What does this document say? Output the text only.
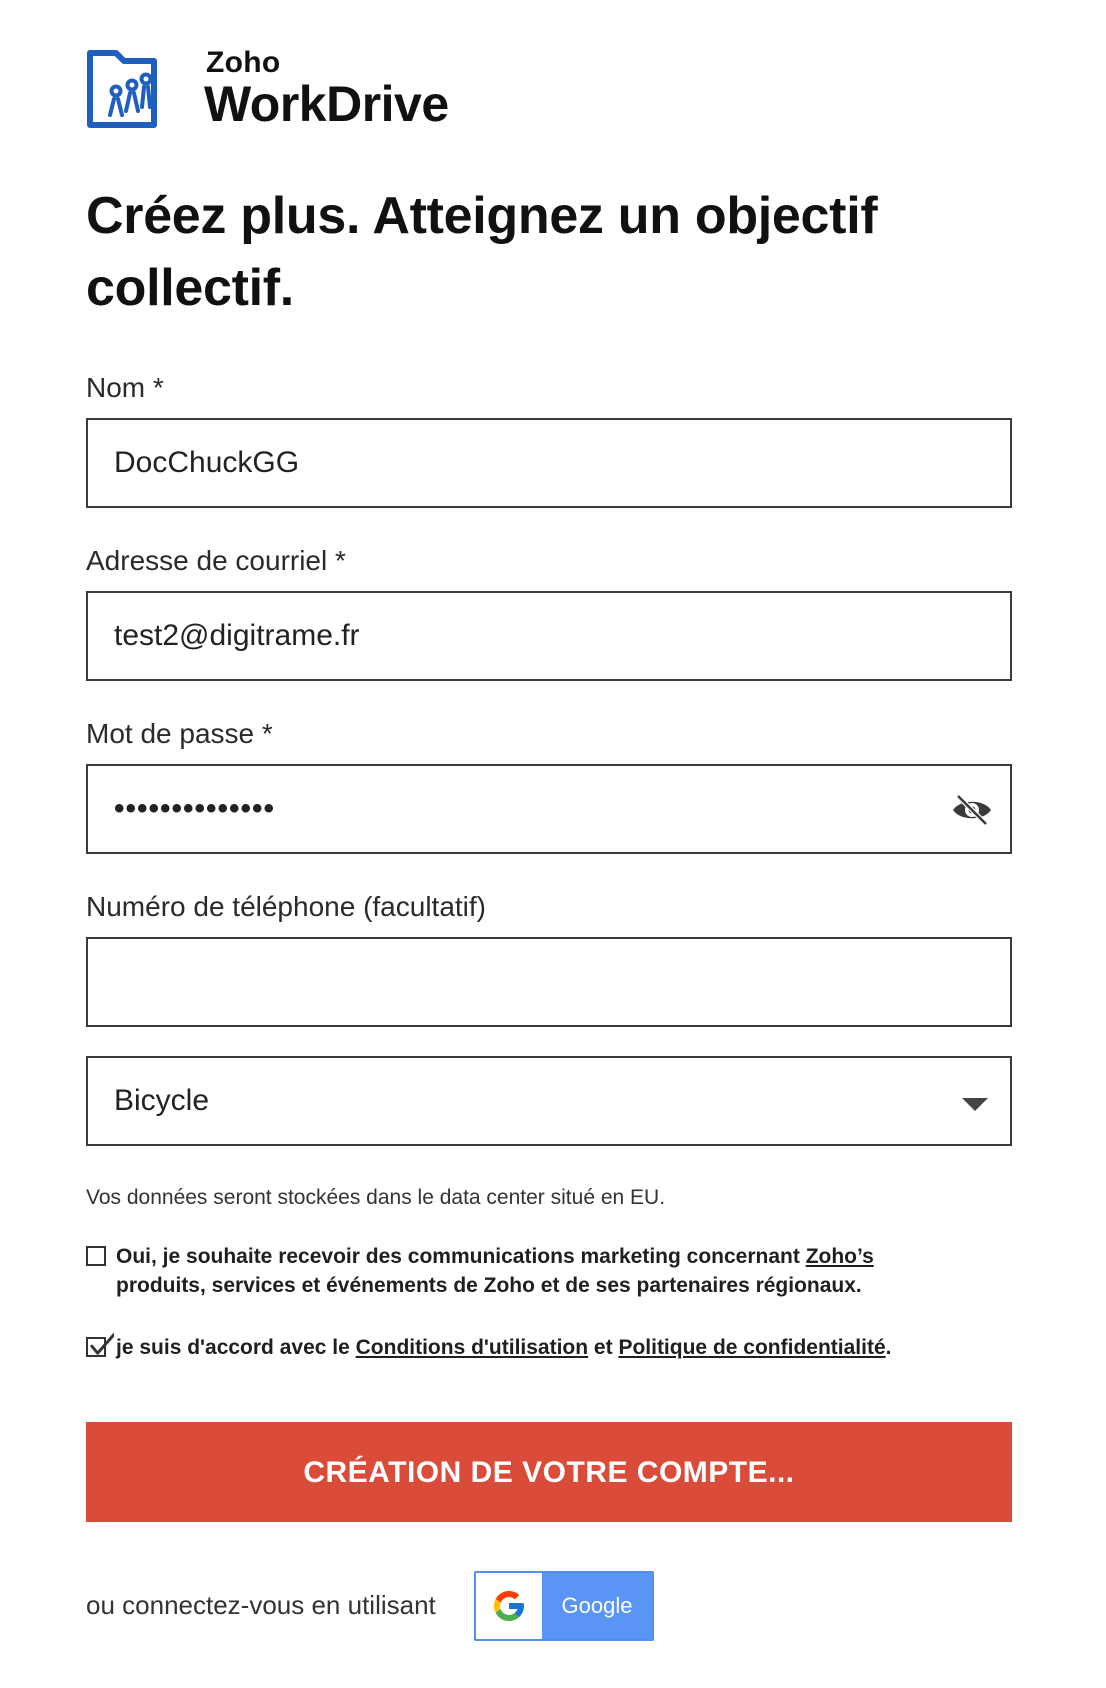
Zoho
WorkDrive
Créez plus. Atteignez un objectif collectif.
Nom *
DocChuckGG
Adresse de courriel *
test2@digitrame.fr
Mot de passe *
••••••••••••••
Numéro de téléphone (facultatif)
Bicycle
Vos données seront stockées dans le data center situé en EU.
Oui, je souhaite recevoir des communications marketing concernant Zoho’s produits, services et événements de Zoho et de ses partenaires régionaux.
je suis d'accord avec le Conditions d'utilisation et Politique de confidentialité.
CRÉATION DE VOTRE COMPTE...
ou connectez-vous en utilisant	Google
